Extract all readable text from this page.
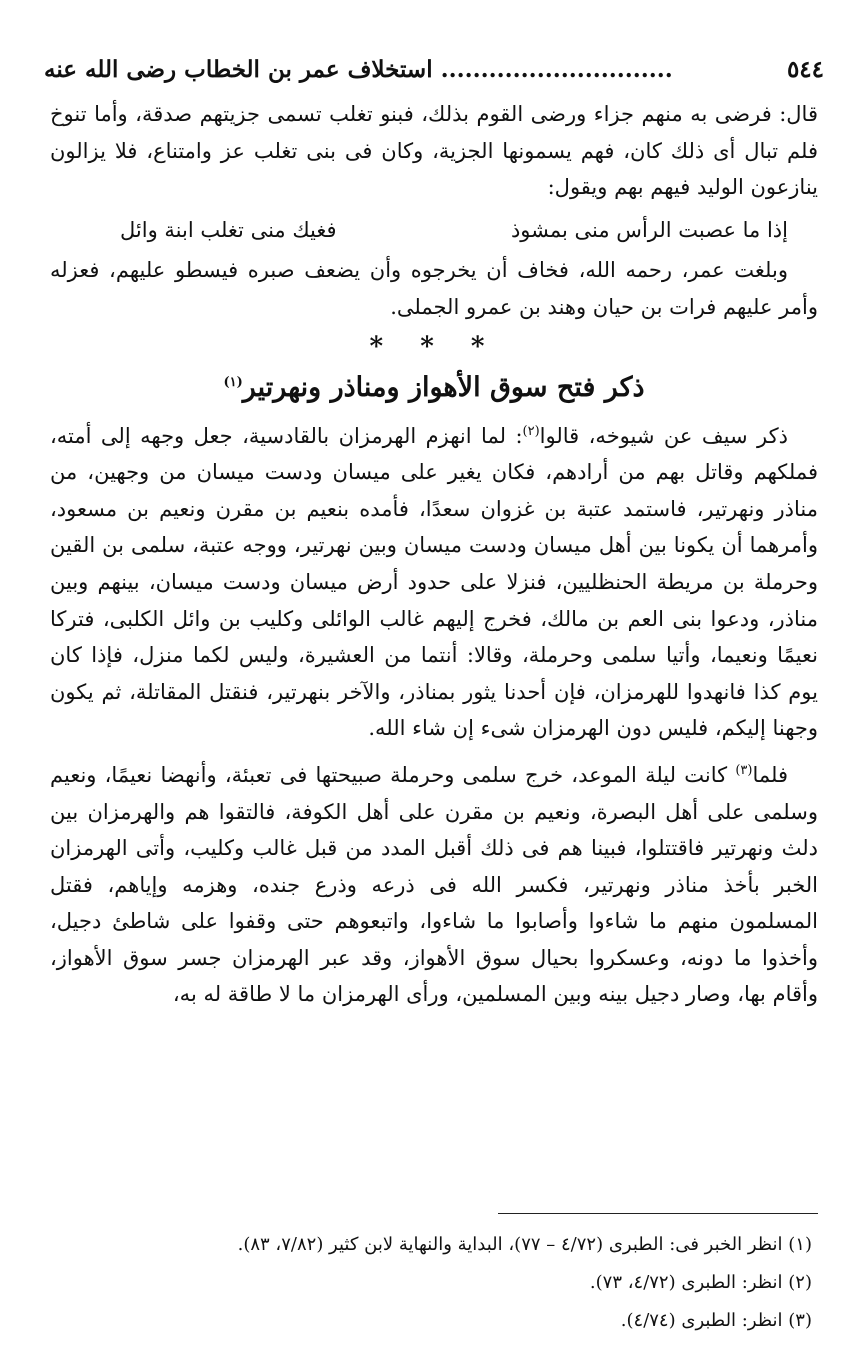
٥٤٤
............................. استخلاف عمر بن الخطاب رضى الله عنه

قال: فرضى به منهم جزاء ورضى القوم بذلك، فبنو تغلب تسمى جزيتهم صدقة، وأما تنوخ فلم تبال أى ذلك كان، فهم يسمونها الجزية، وكان فى بنى تغلب عز وامتناع، فلا يزالون ينازعون الوليد فيهم بهم ويقول:

إذا ما عصبت الرأس منى بمشوذ
فغيك منى تغلب ابنة وائل

وبلغت عمر، رحمه الله، فخاف أن يخرجوه وأن يضعف صبره فيسطو عليهم، فعزله وأمر عليهم فرات بن حيان وهند بن عمرو الجملى.

* * *
ذكر فتح سوق الأهواز ومناذر ونهرتير$^{(١)}$

ذكر سيف عن شيوخه، قالوا$^{(٢)}$: لما انهزم الهرمزان بالقادسية، جعل وجهه إلى أمته، فملكهم وقاتل بهم من أرادهم، فكان يغير على ميسان ودست ميسان من وجهين، من مناذر ونهرتير، فاستمد عتبة بن غزوان سعدًا، فأمده بنعيم بن مقرن ونعيم بن مسعود، وأمرهما أن يكونا بين أهل ميسان ودست ميسان وبين نهرتير، ووجه عتبة، سلمى بن القين وحرملة بن مريطة الحنظليين، فنزلا على حدود أرض ميسان ودست ميسان، بينهم وبين مناذر، ودعوا بنى العم بن مالك، فخرج إليهم غالب الوائلى وكليب بن وائل الكلبى، فتركا نعيمًا ونعيما، وأتيا سلمى وحرملة، وقالا: أنتما من العشيرة، وليس لكما منزل، فإذا كان يوم كذا فانهدوا للهرمزان، فإن أحدنا يثور بمناذر، والآخر بنهرتير، فنقتل المقاتلة، ثم يكون وجهنا إليكم، فليس دون الهرمزان شىء إن شاء الله.

فلما$^{(٣)}$ كانت ليلة الموعد، خرج سلمى وحرملة صبيحتها فى تعبئة، وأنهضا نعيمًا، ونعيم وسلمى على أهل البصرة، ونعيم بن مقرن على أهل الكوفة، فالتقوا هم والهرمزان بين دلث ونهرتير فاقتتلوا، فبينا هم فى ذلك أقبل المدد من قبل غالب وكليب، وأتى الهرمزان الخبر بأخذ مناذر ونهرتير، فكسر الله فى ذرعه وذرع جنده، وهزمه وإياهم، فقتل المسلمون منهم ما شاءوا وأصابوا ما شاءوا، واتبعوهم حتى وقفوا على شاطئ دجيل، وأخذوا ما دونه، وعسكروا بحيال سوق الأهواز، وقد عبر الهرمزان جسر سوق الأهواز، وأقام بها، وصار دجيل بينه وبين المسلمين، ورأى الهرمزان ما لا طاقة له به،

(١) انظر الخبر فى: الطبرى (٤/٧٢ – ٧٧)، البداية والنهاية لابن كثير (٧/٨٢، ٨٣).
(٢) انظر: الطبرى (٤/٧٢، ٧٣).
(٣) انظر: الطبرى (٤/٧٤).
